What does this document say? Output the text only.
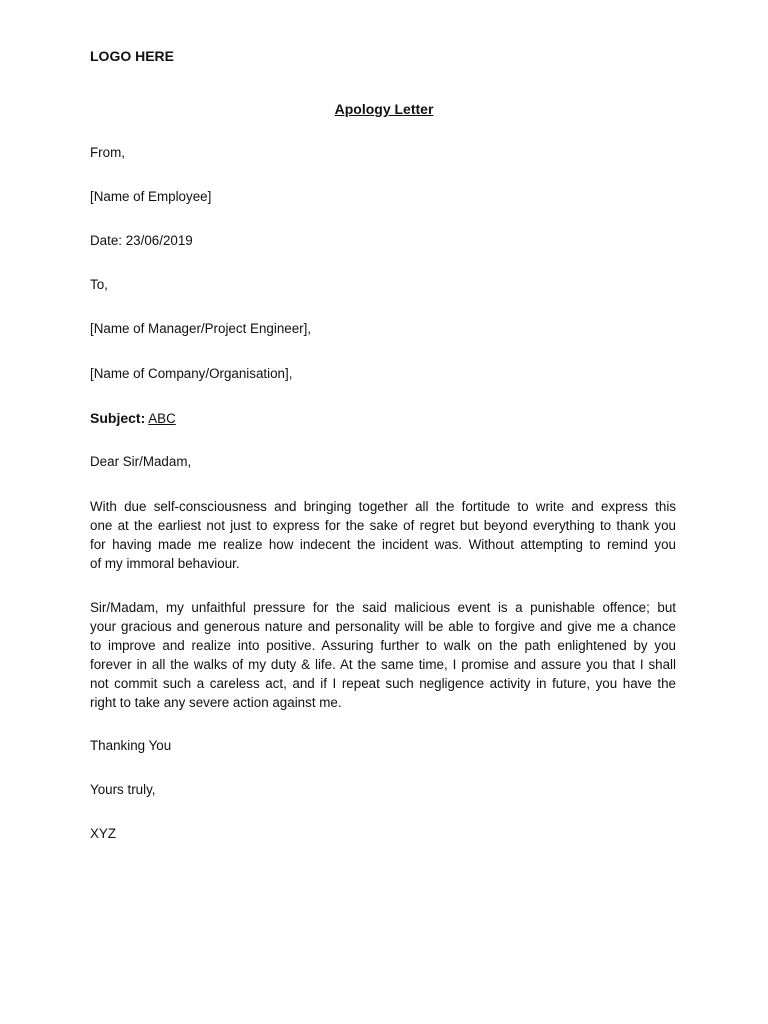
LOGO HERE
Apology Letter
From,
[Name of Employee]
Date: 23/06/2019
To,
[Name of Manager/Project Engineer],
[Name of Company/Organisation],
Subject: ABC
Dear Sir/Madam,
With due self-consciousness and bringing together all the fortitude to write and express this
one at the earliest not just to express for the sake of regret but beyond everything to thank you
for having made me realize how indecent the incident was. Without attempting to remind you
of my immoral behaviour.
Sir/Madam, my unfaithful pressure for the said malicious event is a punishable offence; but
your gracious and generous nature and personality will be able to forgive and give me a chance
to improve and realize into positive. Assuring further to walk on the path enlightened by you
forever in all the walks of my duty & life. At the same time, I promise and assure you that I shall
not commit such a careless act, and if I repeat such negligence activity in future, you have the
right to take any severe action against me.
Thanking You
Yours truly,
XYZ
